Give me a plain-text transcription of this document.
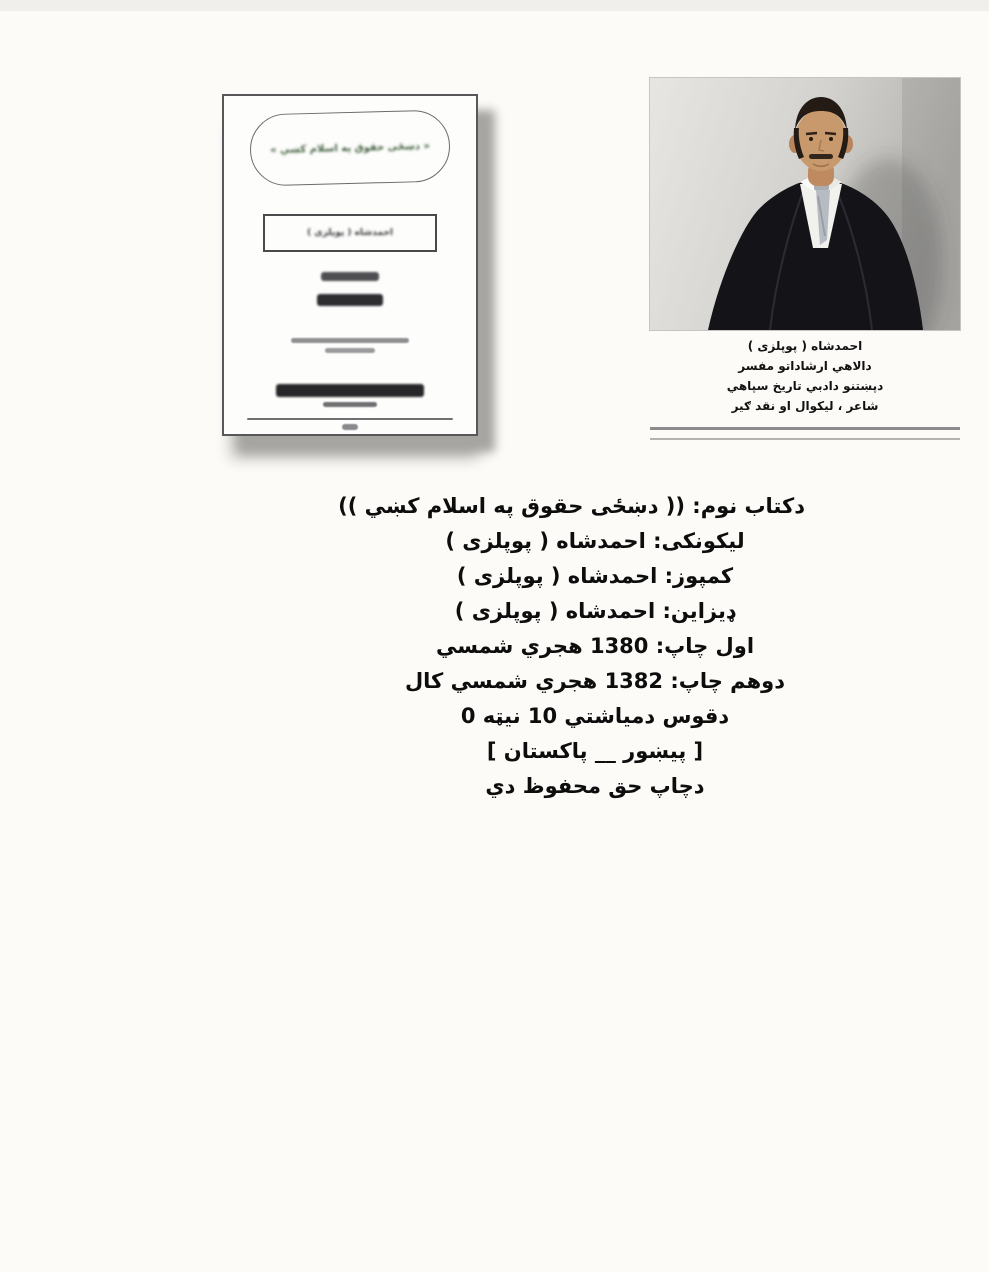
« دښځی حقوق په اسلام کښي »
احمدشاه ( پوپلزی )
احمدشاه ( پوپلزی )
دالاهي ارشاداتو مفسر
دپښتنو دادبي تاريخ سپاهي
شاعر ، ليکوال او نقد ګير
دکتاب نوم: (( دښځی حقوق په اسلام کښي ))
ليکونکی: احمدشاه ( پوپلزی )
کمپوز: احمدشاه ( پوپلزی )
ډيزاين: احمدشاه ( پوپلزی )
اول چاپ: 1380 هجري شمسي
دوهم چاپ: 1382 هجري شمسي کال
دقوس دمياشتي 10 نيټه 0
[ پيښور __ پاکستان ]
دچاپ حق محفوظ دي
